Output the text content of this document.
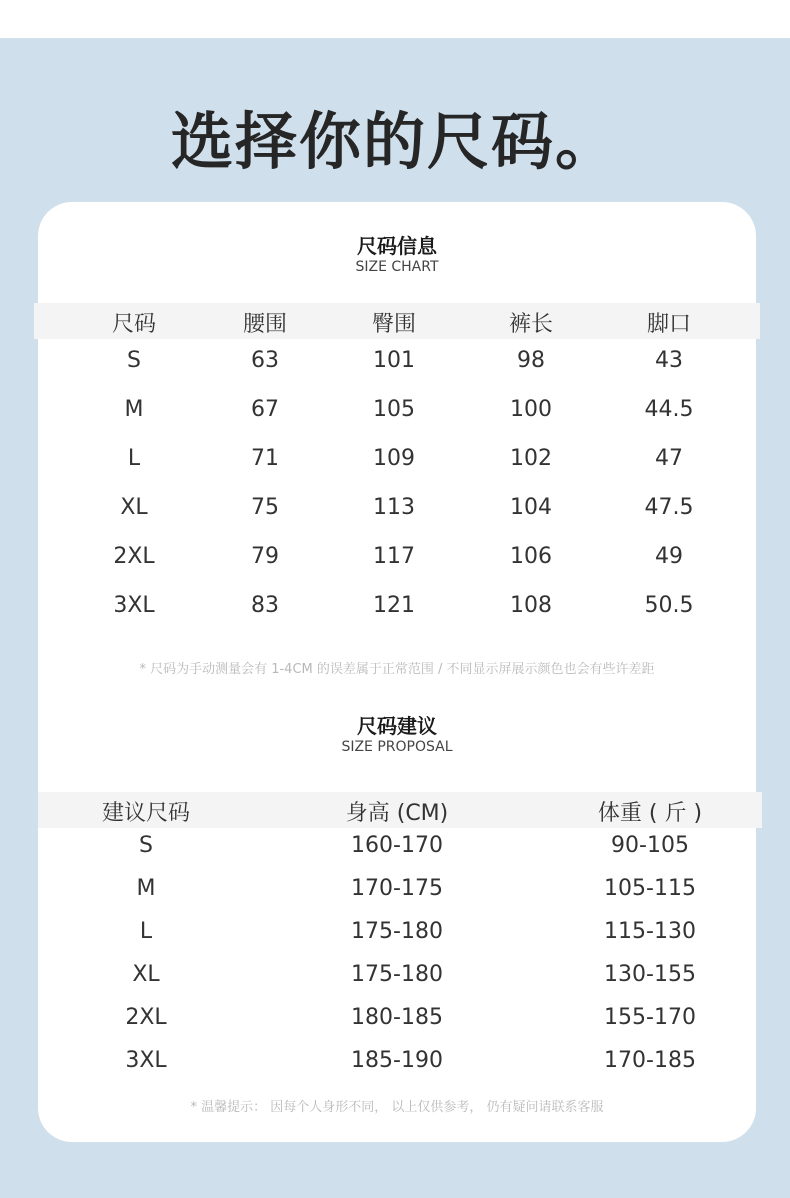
选择你的尺码。
尺码信息
SIZE CHART
尺码	腰围	臀围	裤长	脚口
S	63	101	98	43
M	67	105	100	44.5
L	71	109	102	47
XL	75	113	104	47.5
2XL	79	117	106	49
3XL	83	121	108	50.5
* 尺码为手动测量会有 1-4CM 的误差属于正常范围 / 不同显示屏展示颜色也会有些许差距
尺码建议
SIZE PROPOSAL
建议尺码	身高 (CM)	体重 ( 斤 )
S	160-170	90-105
M	170-175	105-115
L	175-180	115-130
XL	175-180	130-155
2XL	180-185	155-170
3XL	185-190	170-185
* 温馨提示： 因每个人身形不同， 以上仅供参考， 仍有疑问请联系客服
